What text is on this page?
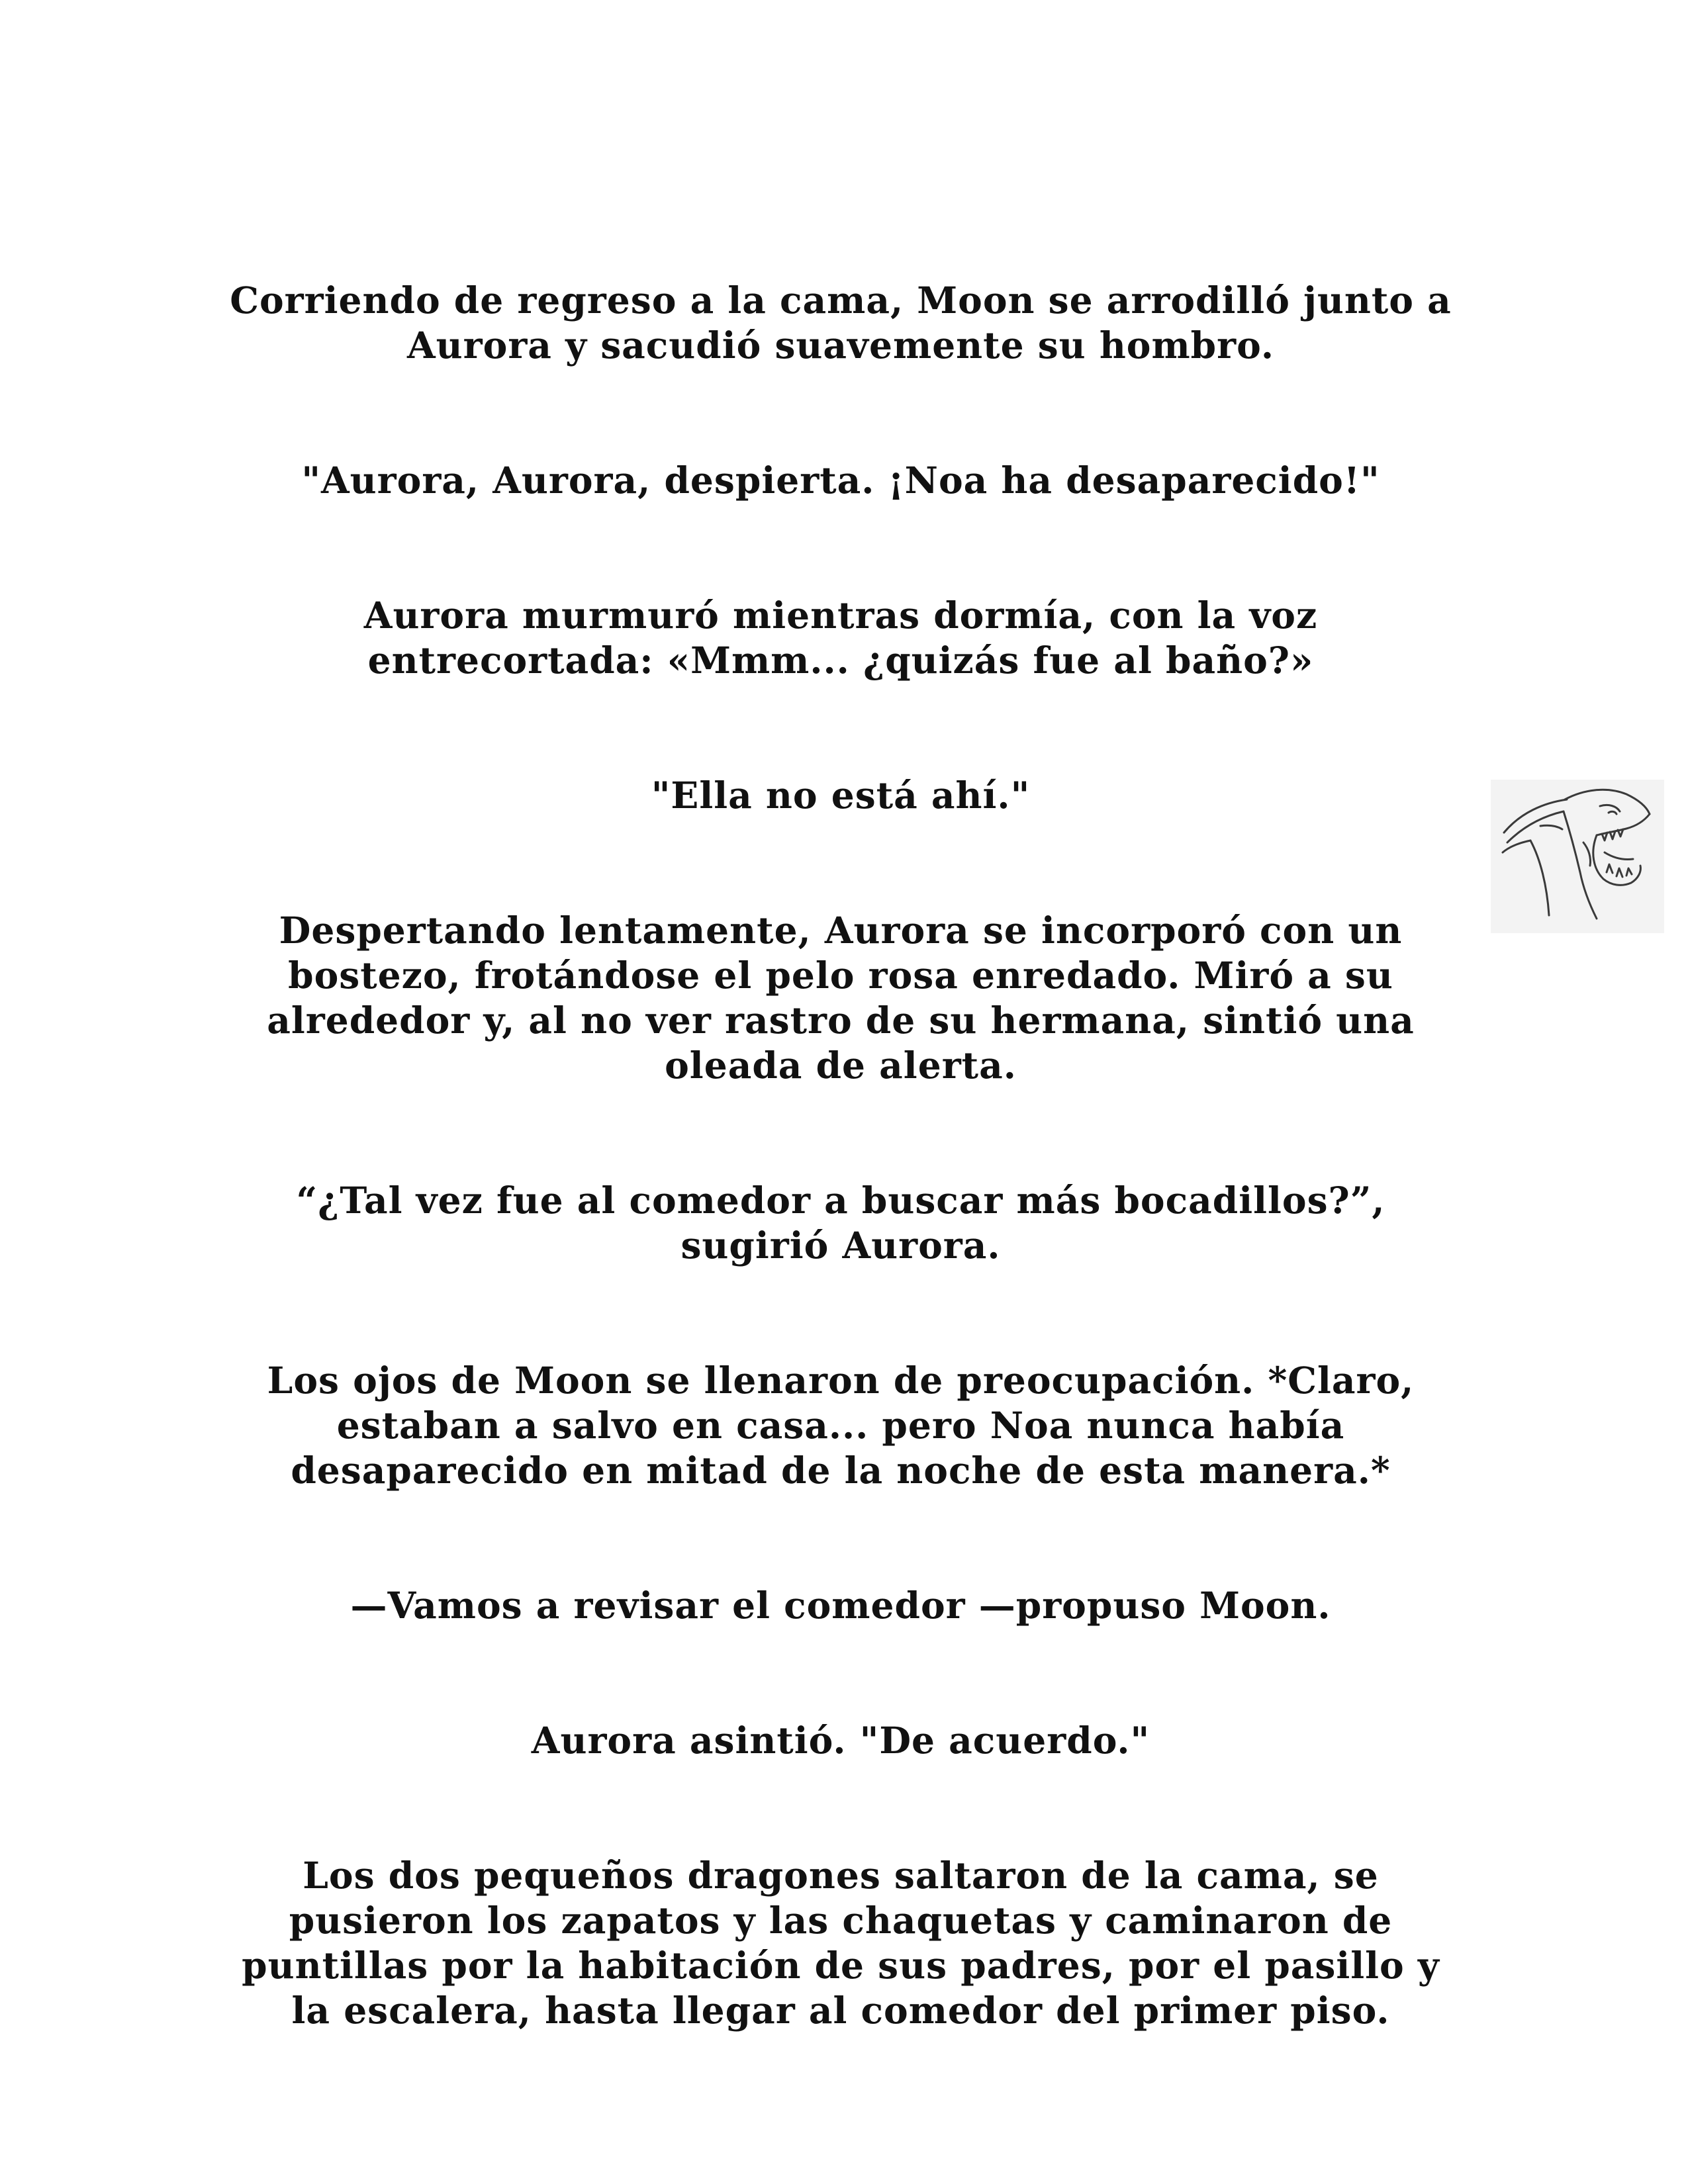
Corriendo de regreso a la cama, Moon se arrodilló junto a Aurora y sacudió suavemente su hombro.

"Aurora, Aurora, despierta. ¡Noa ha desaparecido!"

Aurora murmuró mientras dormía, con la voz entrecortada: «Mmm... ¿quizás fue al baño?»

"Ella no está ahí."

Despertando lentamente, Aurora se incorporó con un bostezo, frotándose el pelo rosa enredado. Miró a su alrededor y, al no ver rastro de su hermana, sintió una oleada de alerta.

“¿Tal vez fue al comedor a buscar más bocadillos?”, sugirió Aurora.

Los ojos de Moon se llenaron de preocupación. *Claro, estaban a salvo en casa... pero Noa nunca había desaparecido en mitad de la noche de esta manera.*

—Vamos a revisar el comedor —propuso Moon.

Aurora asintió. "De acuerdo."

Los dos pequeños dragones saltaron de la cama, se pusieron los zapatos y las chaquetas y caminaron de puntillas por la habitación de sus padres, por el pasillo y la escalera, hasta llegar al comedor del primer piso.
